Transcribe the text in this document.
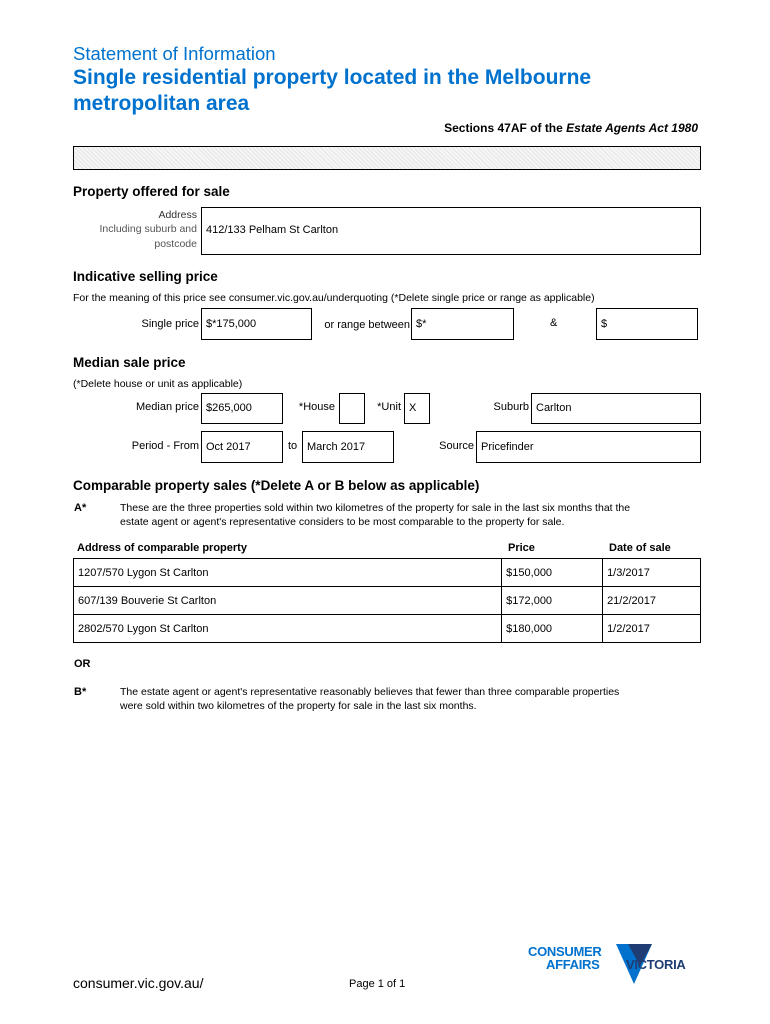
Statement of Information
Single residential property located in the Melbourne
metropolitan area
Sections 47AF of the Estate Agents Act 1980
Property offered for sale
Address
Including suburb and
postcode
412/133 Pelham St Carlton
Indicative selling price
For the meaning of this price see consumer.vic.gov.au/underquoting (*Delete single price or range as applicable)
Single price $*175,000	or range between $*	&	$
Median sale price
(*Delete house or unit as applicable)
Median price $265,000	*House	*Unit X	Suburb Carlton
Period - From Oct 2017	to March 2017	Source Pricefinder
Comparable property sales (*Delete A or B below as applicable)
A*	These are the three properties sold within two kilometres of the property for sale in the last six months that the
estate agent or agent's representative considers to be most comparable to the property for sale.
Address of comparable property	Price	Date of sale
1207/570 Lygon St Carlton	$150,000	1/3/2017
607/139 Bouverie St Carlton	$172,000	21/2/2017
2802/570 Lygon St Carlton	$180,000	1/2/2017
OR
B*	The estate agent or agent's representative reasonably believes that fewer than three comparable properties
were sold within two kilometres of the property for sale in the last six months.
consumer.vic.gov.au/	Page 1 of 1
CONSUMER
AFFAIRS VICTORIA
